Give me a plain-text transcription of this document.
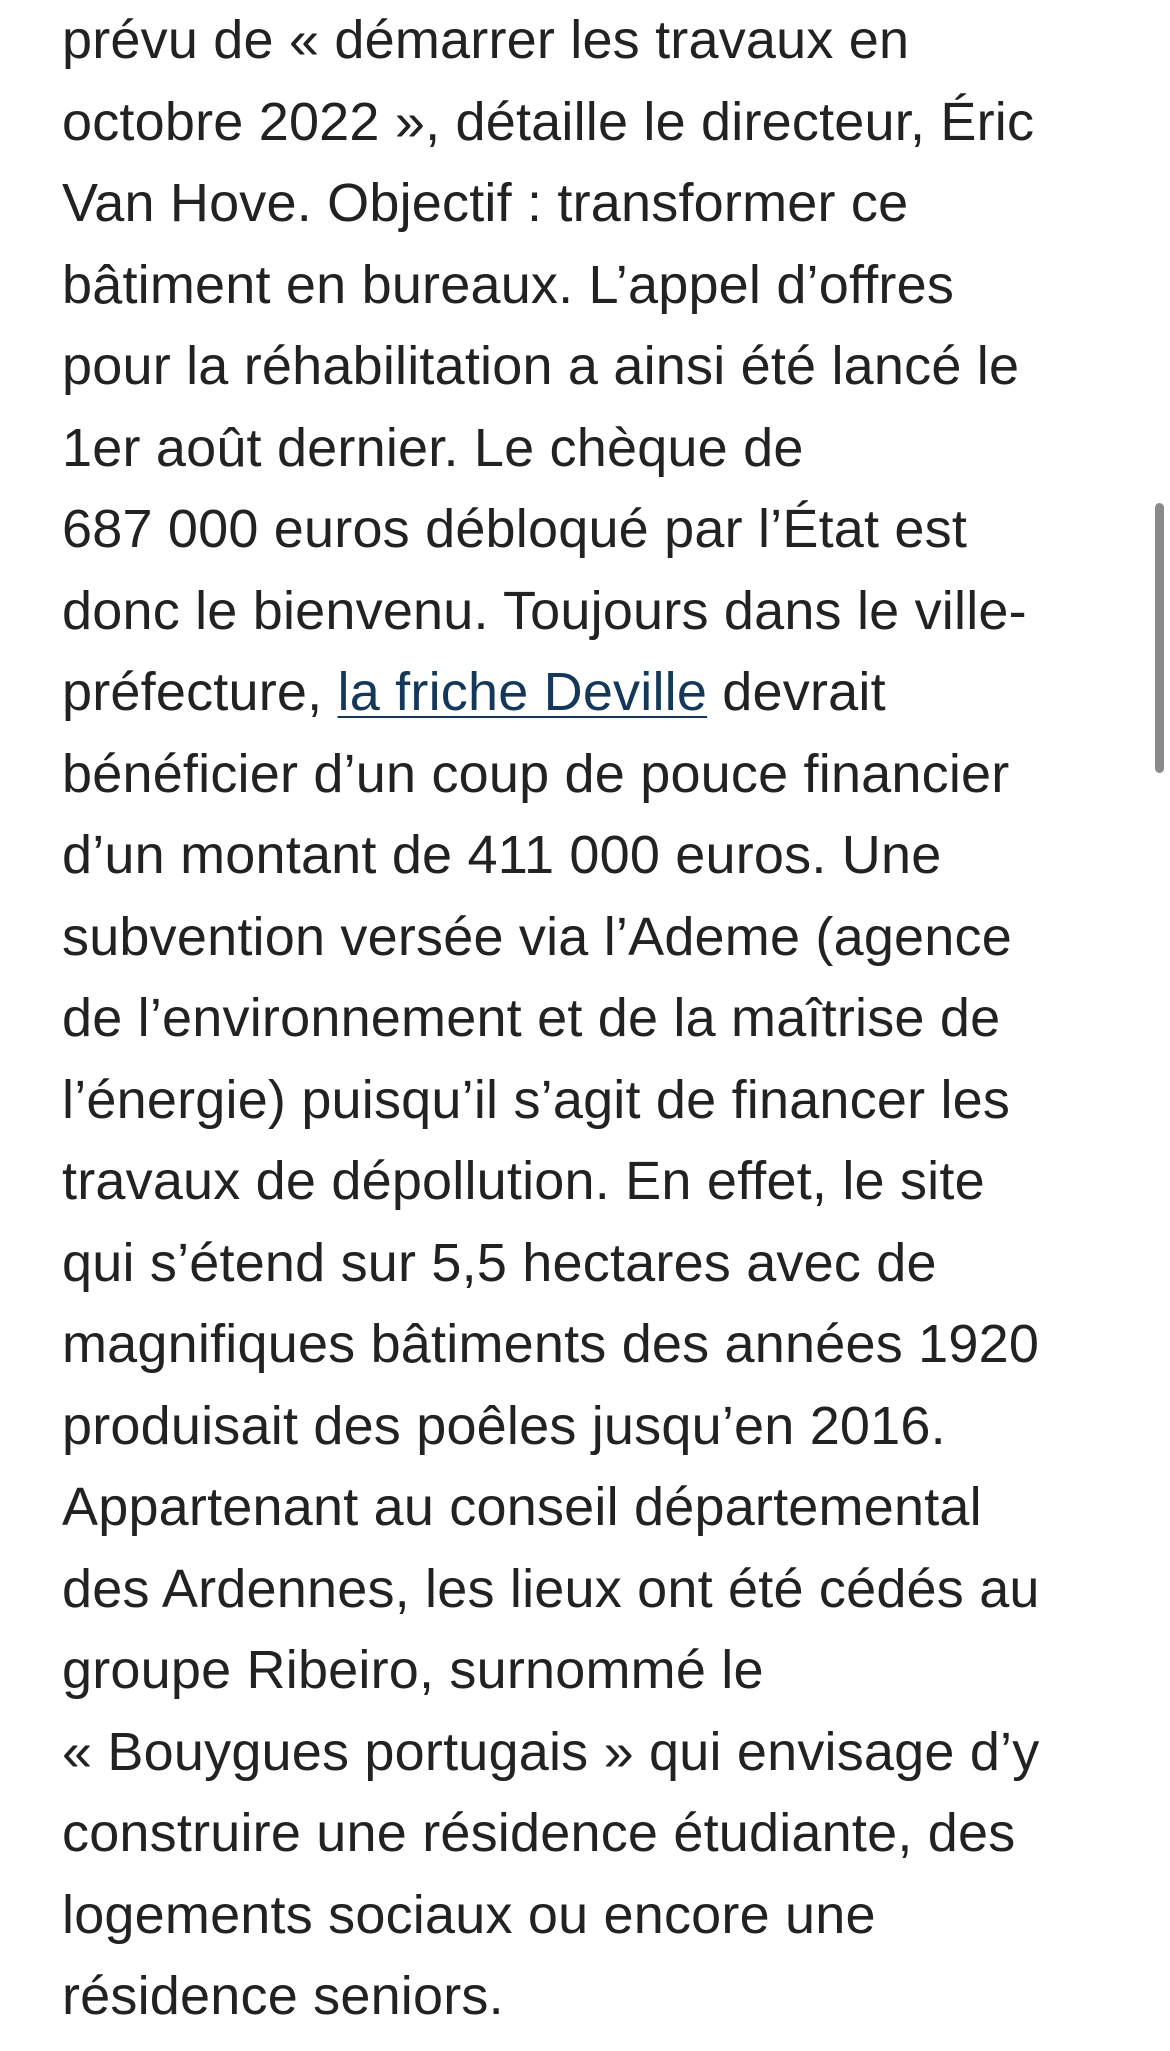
prévu de « démarrer les travaux en
octobre 2022 », détaille le directeur, Éric
Van Hove. Objectif : transformer ce
bâtiment en bureaux. L’appel d’offres
pour la réhabilitation a ainsi été lancé le
1er août dernier. Le chèque de
687 000 euros débloqué par l’État est
donc le bienvenu. Toujours dans le ville-
préfecture, la friche Deville devrait
bénéficier d’un coup de pouce financier
d’un montant de 411 000 euros. Une
subvention versée via l’Ademe (agence
de l’environnement et de la maîtrise de
l’énergie) puisqu’il s’agit de financer les
travaux de dépollution. En effet, le site
qui s’étend sur 5,5 hectares avec de
magnifiques bâtiments des années 1920
produisait des poêles jusqu’en 2016.
Appartenant au conseil départemental
des Ardennes, les lieux ont été cédés au
groupe Ribeiro, surnommé le
« Bouygues portugais » qui envisage d’y
construire une résidence étudiante, des
logements sociaux ou encore une
résidence seniors.
